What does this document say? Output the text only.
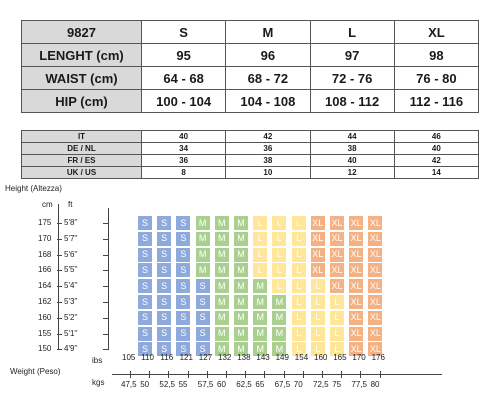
9827	S	M	L	XL
LENGHT (cm)	95	96	97	98
WAIST (cm)	64 - 68	68 - 72	72 - 76	76 - 80
HIP (cm)	100 - 104	104 - 108	108 - 112	112 - 116
IT	40	42	44	46
DE / NL	34	36	38	40
FR / ES	36	38	40	42
UK / US	8	10	12	14
Height (Altezza)
cm ft
ibs
Weight (Peso)
kgs
175 5'8''	S	S	S	M	M	M	L	L	L	XL XL XL XL
170 5'7''	S	S	S	M	M	M	L	L	L	XL XL XL XL
168 5'6''	S	S	S	M	M	M	L	L	L	XL XL XL XL
166 5'5''	S	S	S	M	M	M	L	L	L	XL XL XL XL
164 5'4''	S	S	S	S	M	M	M	L	L	L	XL XL XL
162 5'3''	S	S	S	S	M	M	M	M	L	L	L	XL XL
160 5'2''	S	S	S	S	M	M	M	M	L	L	L	XL XL
155 5'1''	S	S	S	S	M	M	M	M	L	L	L	XL XL
150 4'9''	S	S	S	S	M	M	M	M	L	L	L	XL XL
105 110 116 121 127 132 138 143 149 154 160 165 170 176
47,5 50 52,5 55 57,5 60 62,5 65 67,5 70 72,5 75 77,5 80
